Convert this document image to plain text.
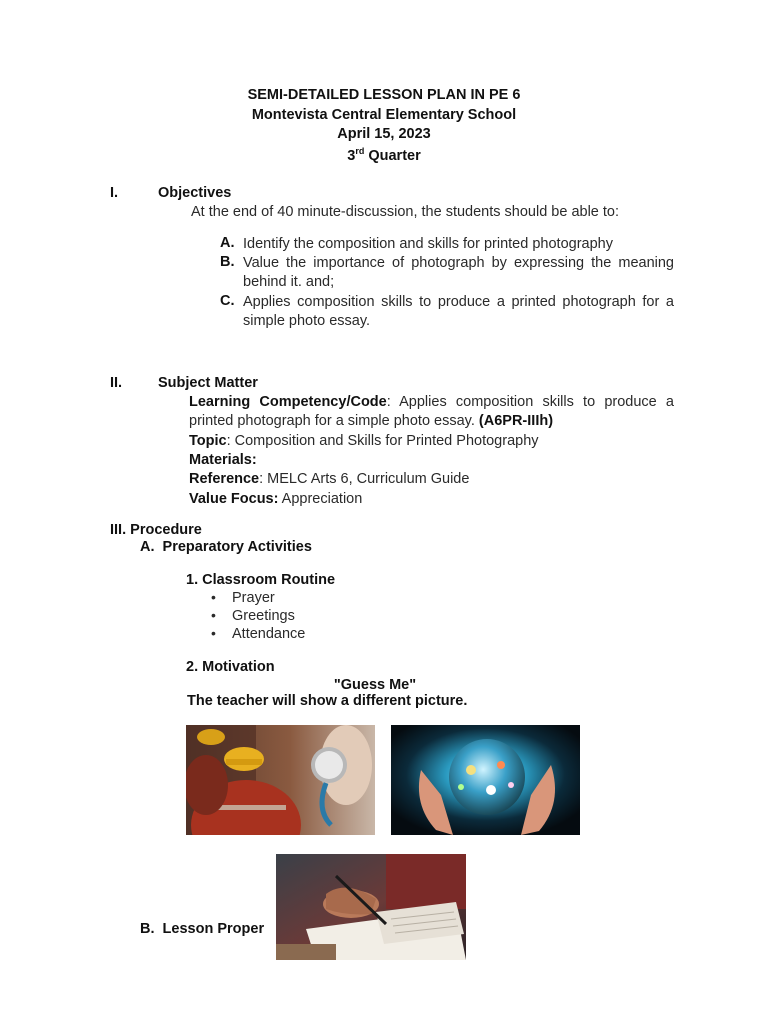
SEMI-DETAILED LESSON PLAN IN PE 6
Montevista Central Elementary School
April 15, 2023
3rd Quarter
I.	Objectives
At the end of 40 minute-discussion, the students should be able to:
A. Identify the composition and skills for printed photography
B. Value the importance of photograph by expressing the meaning behind it. and;
C. Applies composition skills to produce a printed photograph for a simple photo essay.
II. Subject Matter
Learning Competency/Code: Applies composition skills to produce a printed photograph for a simple photo essay. (A6PR-IIIh)
Topic: Composition and Skills for Printed Photography
Materials:
Reference: MELC Arts 6, Curriculum Guide
Value Focus: Appreciation
III. Procedure
A.  Preparatory Activities
1. Classroom Routine
• Prayer
• Greetings
• Attendance
2. Motivation
"Guess Me"
The teacher will show a different picture.
B.  Lesson Proper
